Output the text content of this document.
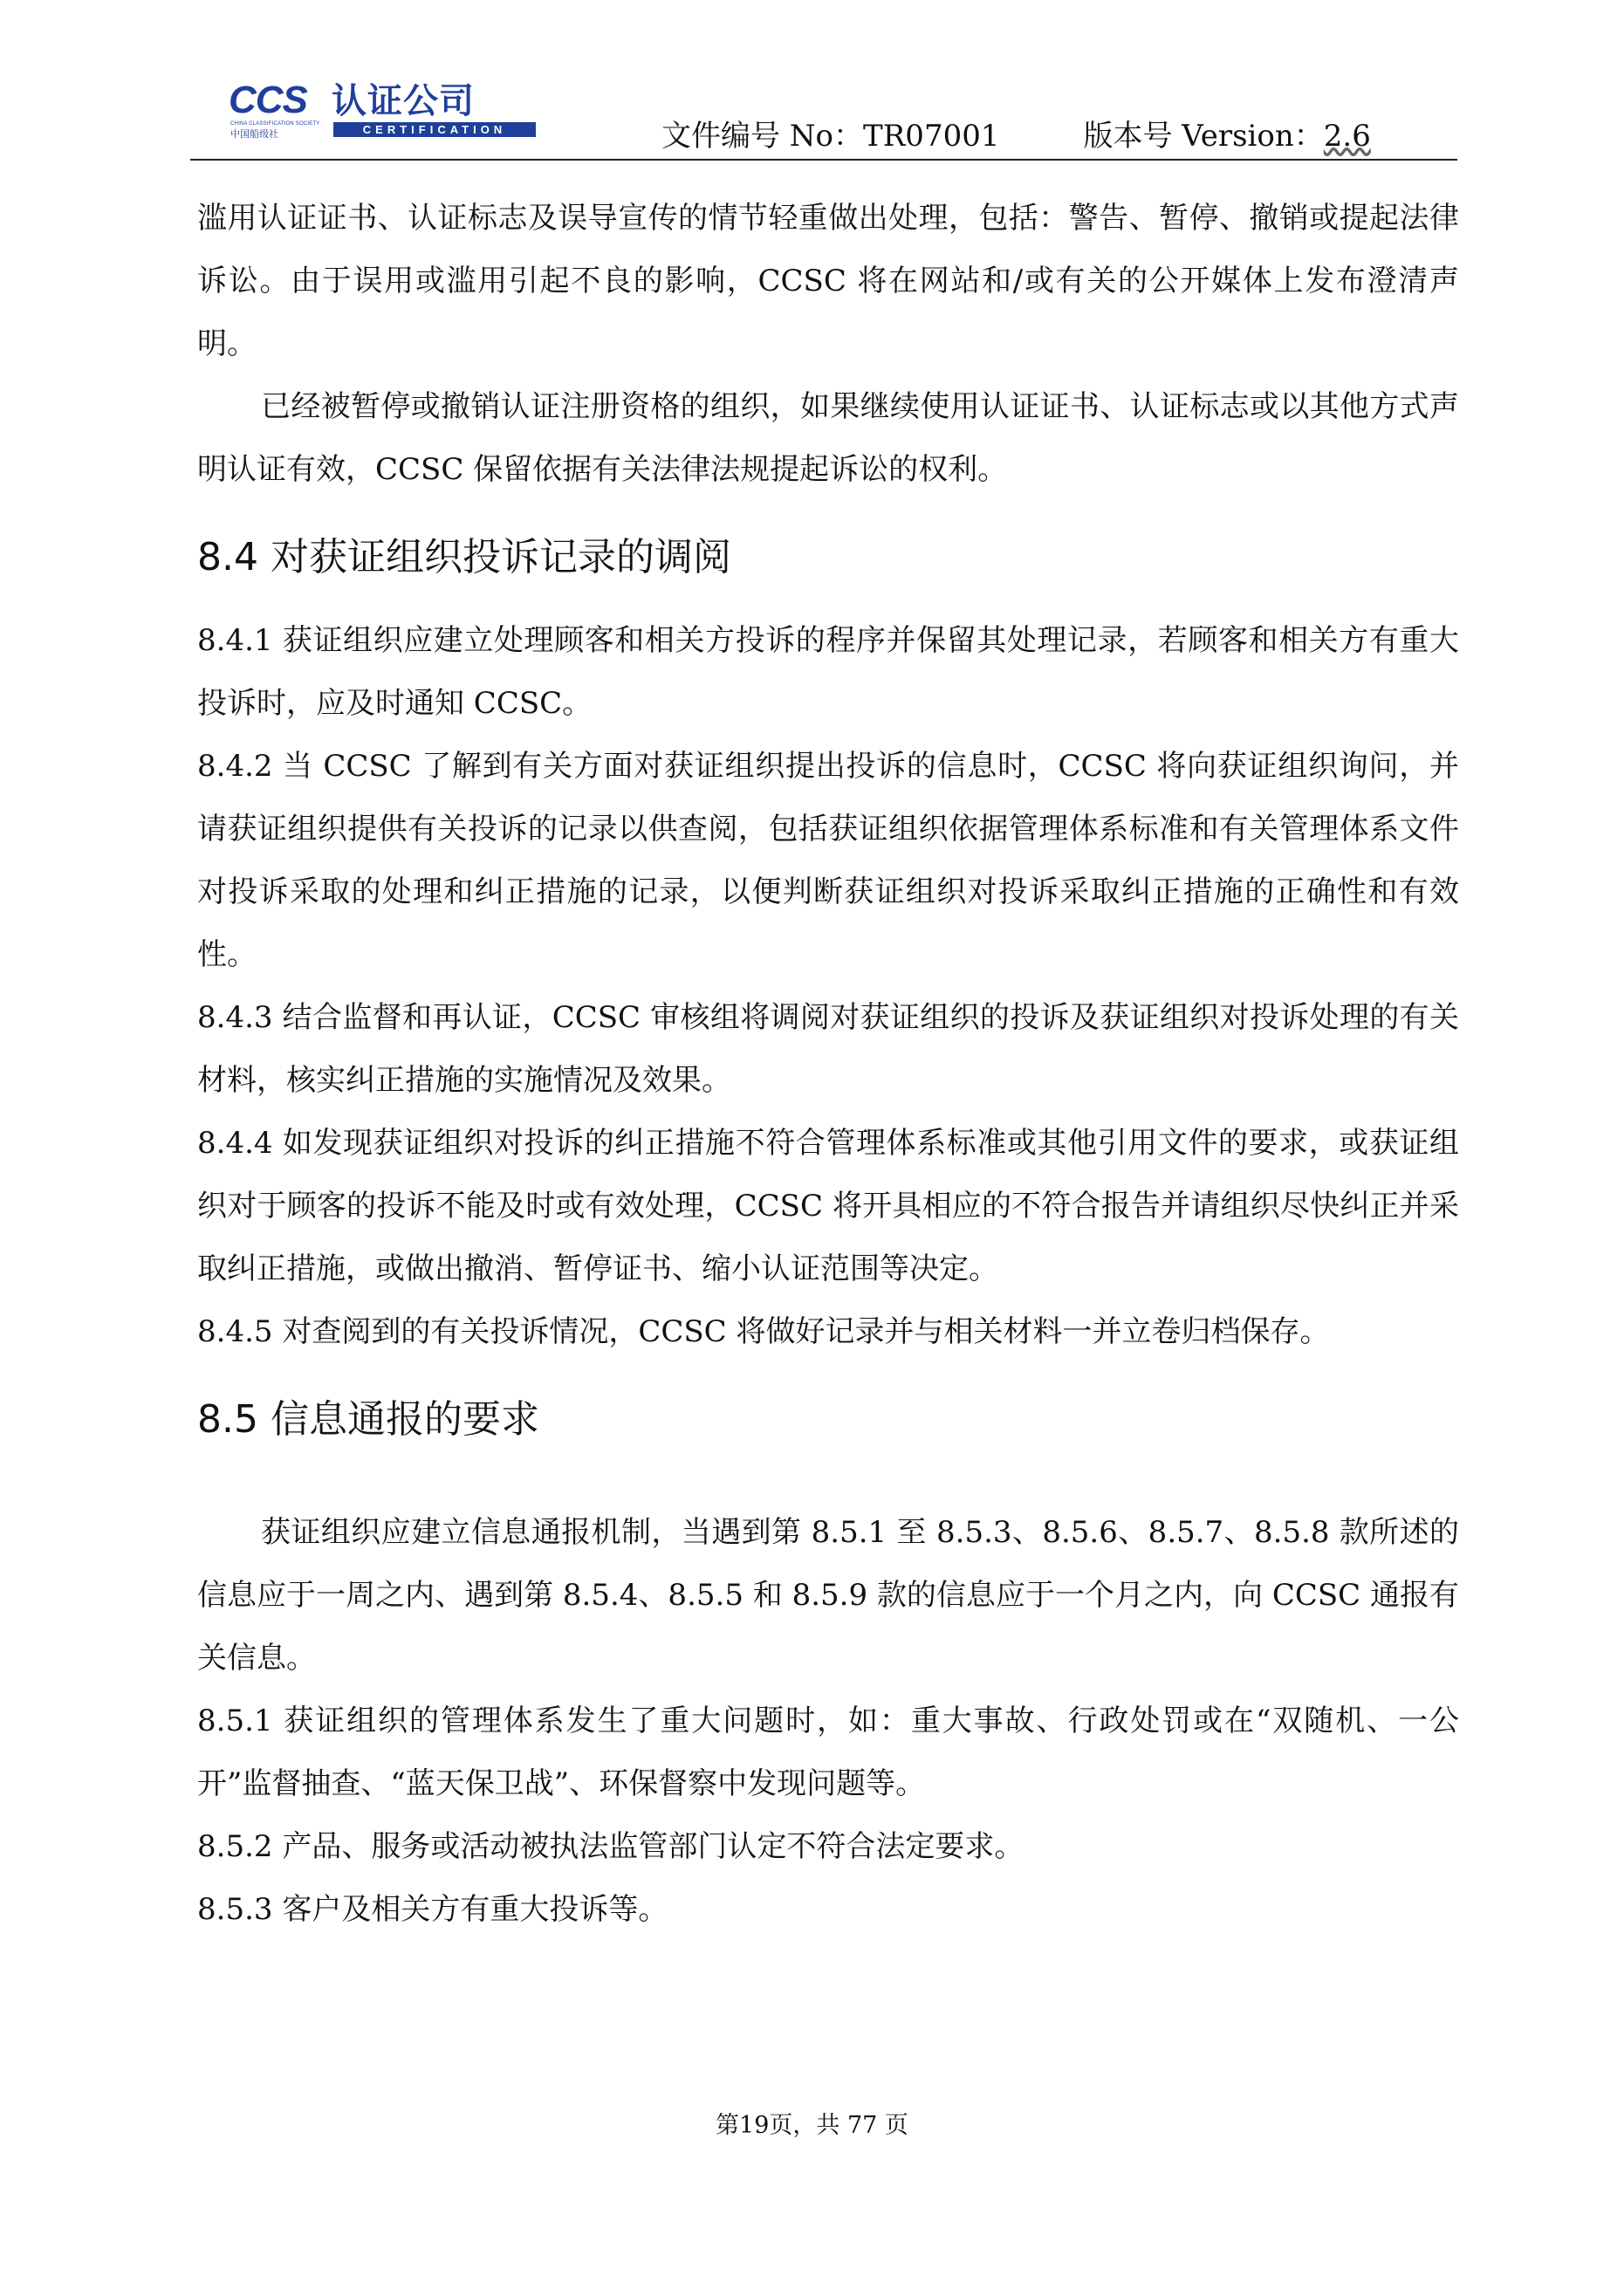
CCS
CHINA CLASSIFICATION SOCIETY
中国船级社
认证公司
CERTIFICATION	文件编号 No：TR07001	版本号 Version：2.6

滥用认证证书、认证标志及误导宣传的情节轻重做出处理，包括：警告、暂停、撤销或提起法律诉讼。由于误用或滥用引起不良的影响，CCSC 将在网站和/或有关的公开媒体上发布澄清声明。

已经被暂停或撤销认证注册资格的组织，如果继续使用认证证书、认证标志或以其他方式声明认证有效，CCSC 保留依据有关法律法规提起诉讼的权利。

8.4 对获证组织投诉记录的调阅

8.4.1 获证组织应建立处理顾客和相关方投诉的程序并保留其处理记录，若顾客和相关方有重大投诉时，应及时通知 CCSC。

8.4.2 当 CCSC 了解到有关方面对获证组织提出投诉的信息时，CCSC 将向获证组织询问，并请获证组织提供有关投诉的记录以供查阅，包括获证组织依据管理体系标准和有关管理体系文件对投诉采取的处理和纠正措施的记录，以便判断获证组织对投诉采取纠正措施的正确性和有效性。

8.4.3 结合监督和再认证，CCSC 审核组将调阅对获证组织的投诉及获证组织对投诉处理的有关材料，核实纠正措施的实施情况及效果。

8.4.4 如发现获证组织对投诉的纠正措施不符合管理体系标准或其他引用文件的要求，或获证组织对于顾客的投诉不能及时或有效处理，CCSC 将开具相应的不符合报告并请组织尽快纠正并采取纠正措施，或做出撤消、暂停证书、缩小认证范围等决定。

8.4.5 对查阅到的有关投诉情况，CCSC 将做好记录并与相关材料一并立卷归档保存。

8.5 信息通报的要求

获证组织应建立信息通报机制，当遇到第 8.5.1 至 8.5.3、8.5.6、8.5.7、8.5.8 款所述的信息应于一周之内、遇到第 8.5.4、8.5.5 和 8.5.9 款的信息应于一个月之内，向 CCSC 通报有关信息。

8.5.1 获证组织的管理体系发生了重大问题时，如：重大事故、行政处罚或在“双随机、一公开”监督抽查、“蓝天保卫战”、环保督察中发现问题等。

8.5.2 产品、服务或活动被执法监管部门认定不符合法定要求。

8.5.3 客户及相关方有重大投诉等。

第19页，共 77 页
